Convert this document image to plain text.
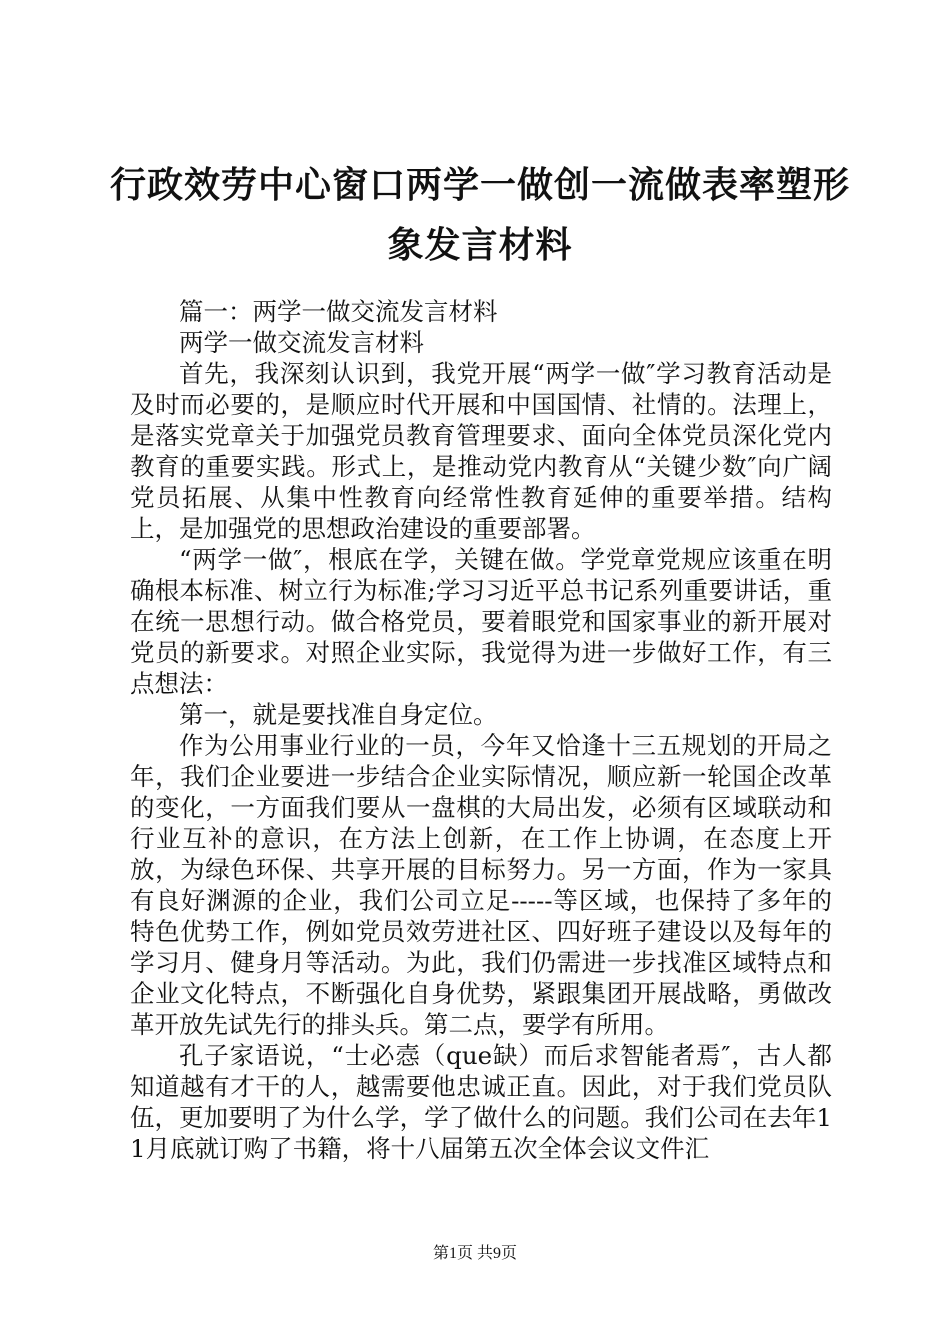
行政效劳中心窗口两学一做创一流做表率塑形象发言材料

篇一：两学一做交流发言材料

两学一做交流发言材料

首先，我深刻认识到，我党开展“两学一做″学习教育活动是及时而必要的，是顺应时代开展和中国国情、社情的。法理上，是落实党章关于加强党员教育管理要求、面向全体党员深化党内教育的重要实践。形式上，是推动党内教育从“关键少数″向广阔党员拓展、从集中性教育向经常性教育延伸的重要举措。结构上，是加强党的思想政治建设的重要部署。

“两学一做″，根底在学，关键在做。学党章党规应该重在明确根本标准、树立行为标准;学习习近平总书记系列重要讲话，重在统一思想行动。做合格党员，要着眼党和国家事业的新开展对党员的新要求。对照企业实际，我觉得为进一步做好工作，有三点想法：

第一，就是要找准自身定位。

作为公用事业行业的一员，今年又恰逢十三五规划的开局之年，我们企业要进一步结合企业实际情况，顺应新一轮国企改革的变化，一方面我们要从一盘棋的大局出发，必须有区域联动和行业互补的意识，在方法上创新，在工作上协调，在态度上开放，为绿色环保、共享开展的目标努力。另一方面，作为一家具有良好渊源的企业，我们公司立足-----等区域，也保持了多年的特色优势工作，例如党员效劳进社区、四好班子建设以及每年的学习月、健身月等活动。为此，我们仍需进一步找准区域特点和企业文化特点，不断强化自身优势，紧跟集团开展战略，勇做改革开放先试先行的排头兵。第二点，要学有所用。

孔子家语说，“士必悫（que缺）而后求智能者焉″，古人都知道越有才干的人，越需要他忠诚正直。因此，对于我们党员队伍，更加要明了为什么学，学了做什么的问题。我们公司在去年11月底就订购了书籍，将十八届第五次全体会议文件汇

第1页 共9页
